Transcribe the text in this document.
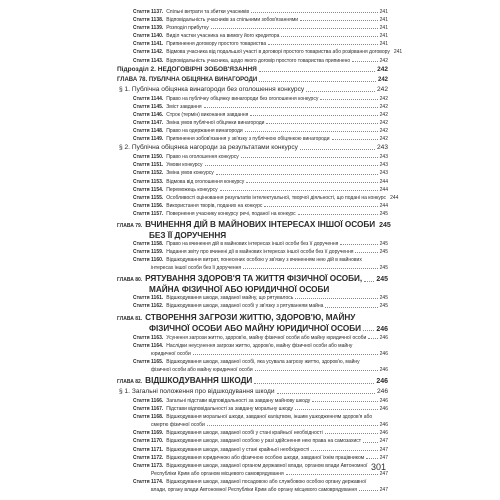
Стаття 1137. Спільні витрати та збитки учасників	241
Стаття 1138. Відповідальність учасників за спільними зобов'язаннями	241
Стаття 1139. Розподіл прибутку	241
Стаття 1140. Виділ частки учасника на вимогу його кредитора	241
Стаття 1141. Припинення договору простого товариства	241
Стаття 1142. Відмова учасника від подальшої участі в договорі простого товариства або розірвання договору 241
Стаття 1143. Відповідальність учасника, щодо якого договір простого товариства припинено	242
Підрозділ 2. НЕДОГОВІРНІ ЗОБОВ'ЯЗАННЯ	242
ГЛАВА 78. ПУБЛІЧНА ОБІЦЯНКА ВИНАГОРОДИ	242
§ 1. Публічна обіцянка винагороди без оголошення конкурсу	242
Стаття 1144. Право на публічну обіцянку винагороди без оголошення конкурсу	242
Стаття 1145. Зміст завдання	242
Стаття 1146. Строк (термін) виконання завдання	242
Стаття 1147. Зміна умов публічної обіцянки винагороди	242
Стаття 1148. Право на одержання винагороди	242
Стаття 1149. Припинення зобов'язання у зв'язку з публічною обіцянкою винагороди	242
§ 2. Публічна обіцянка нагороди за результатами конкурсу	243
Стаття 1150. Право на оголошення конкурсу	243
Стаття 1151. Умови конкурсу	243
Стаття 1152. Зміна умов конкурсу	243
Стаття 1153. Відмова від оголошення конкурсу	244
Стаття 1154. Переможець конкурсу	244
Стаття 1155. Особливості оцінювання результатів інтелектуальної, творчої діяльності, що подані на конкурс 244
Стаття 1156. Використання творів, поданих на конкурс	244
Стаття 1157. Повернення учаснику конкурсу речі, поданої на конкурс	245
ГЛАВА 79. ВЧИНЕННЯ ДІЙ В МАЙНОВИХ ІНТЕРЕСАХ ІНШОЇ ОСОБИ 245
БЕЗ ЇЇ ДОРУЧЕННЯ
Стаття 1158. Право на вчинення дій в майнових інтересах іншої особи без її доручення	245
Стаття 1159. Надання звіту про вчинені дії в майнових інтересах іншої особи без її доручення	245
Стаття 1160. Відшкодування витрат, понесених особою у зв'язку з вчиненням нею дій в майнових
інтересах іншої особи без її доручення	245
ГЛАВА 80. РЯТУВАННЯ ЗДОРОВ'Я ТА ЖИТТЯ ФІЗИЧНОЇ ОСОБИ, 245
МАЙНА ФІЗИЧНОЇ АБО ЮРИДИЧНОЇ ОСОБИ
Стаття 1161. Відшкодування шкоди, завданої майну, що рятувалось	245
Стаття 1162. Відшкодування шкоди, завданої особі у зв'язку з рятуванням майна	245
ГЛАВА 81. СТВОРЕННЯ ЗАГРОЗИ ЖИТТЮ, ЗДОРОВ'Ю, МАЙНУ
ФІЗИЧНОЇ ОСОБИ АБО МАЙНУ ЮРИДИЧНОЇ ОСОБИ 246
Стаття 1163. Усунення загрози життю, здоров'ю, майну фізичної особи або майну юридичної особи	246
Стаття 1164. Наслідки неусунення загрози життю, здоров'ю, майну фізичної особи або майну
юридичної особи	246
Стаття 1165. Відшкодування шкоди, завданої особі, яка усувала загрозу життю, здоров'ю, майну
фізичної особи або майну юридичної особи	246
ГЛАВА 82. ВІДШКОДУВАННЯ ШКОДИ	246
§ 1. Загальні положення про відшкодування шкоди	246
Стаття 1166. Загальні підстави відповідальності за завдану майнову шкоду	246
Стаття 1167. Підстави відповідальності за завдану моральну шкоду	246
Стаття 1168. Відшкодування моральної шкоди, завданої каліцтвом, іншим ушкодженням здоров'я або
смертю фізичної особи	246
Стаття 1169. Відшкодування шкоди, завданої особі у стані крайньої необхідності	246
Стаття 1170. Відшкодування шкоди, завданої особою у разі здійснення нею права на самозахист	247
Стаття 1171. Відшкодування шкоди, завданої у стані крайньої необхідності	247
Стаття 1172. Відшкодування юридичною або фізичною особою шкоди, завданої їхнім працівником	247
Стаття 1173. Відшкодування шкоди, завданої органом державної влади, органом влади Автономної
Республіки Крим або органом місцевого самоврядування	247
Стаття 1174. Відшкодування шкоди, завданої посадовою або службовою особою органу державної
влади, органу влади Автономної Республіки Крим або органу місцевого самоврядування	247
301
